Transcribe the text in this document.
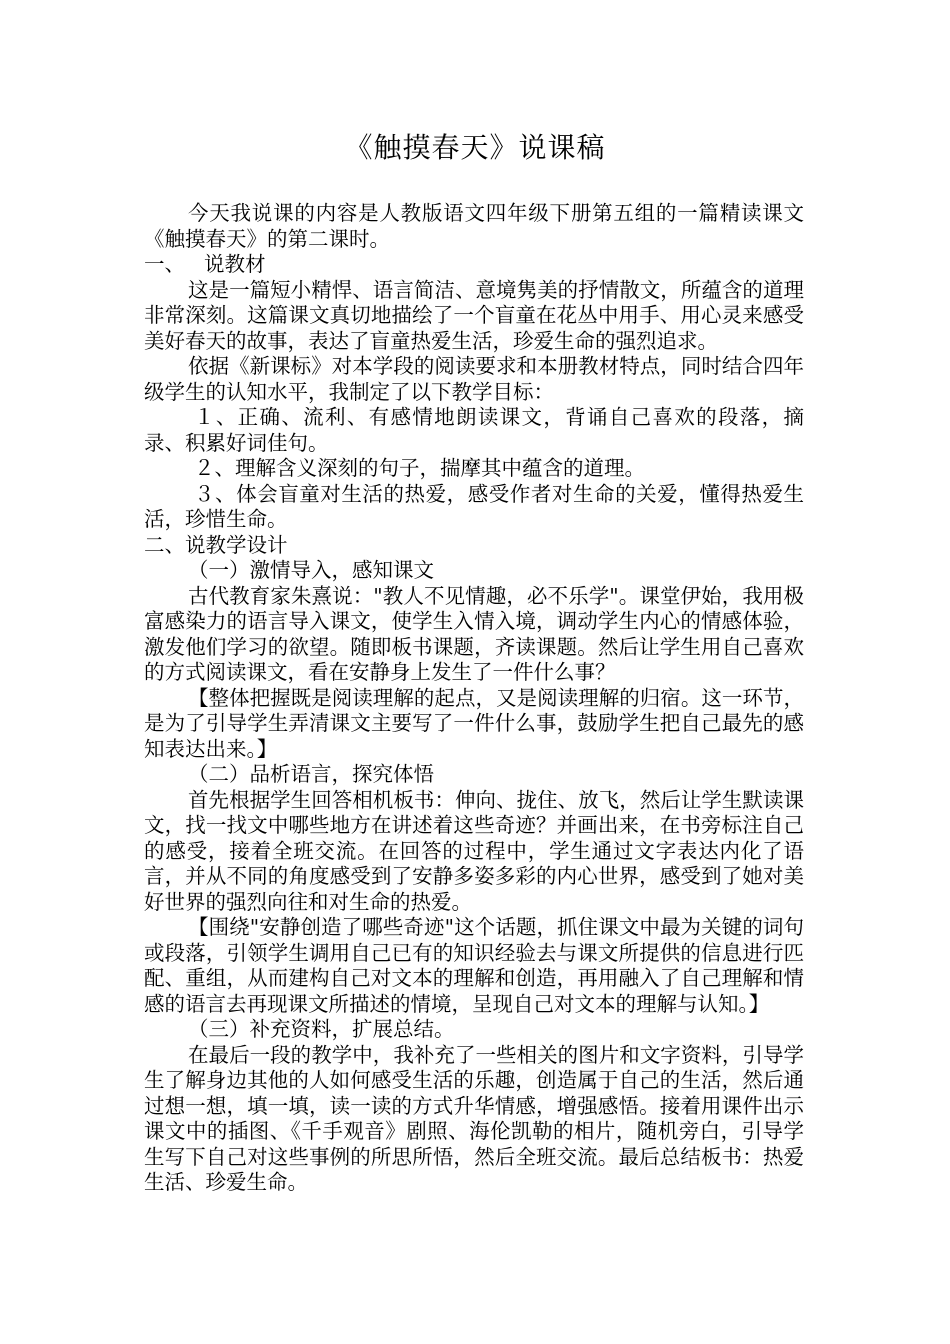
《触摸春天》说课稿

今天我说课的内容是人教版语文四年级下册第五组的一篇精读课文《触摸春天》的第二课时。

一、 说教材

这是一篇短小精悍、语言简洁、意境隽美的抒情散文，所蕴含的道理非常深刻。这篇课文真切地描绘了一个盲童在花丛中用手、用心灵来感受美好春天的故事，表达了盲童热爱生活，珍爱生命的强烈追求。

依据《新课标》对本学段的阅读要求和本册教材特点，同时结合四年级学生的认知水平，我制定了以下教学目标：

１、正确、流利、有感情地朗读课文，背诵自己喜欢的段落，摘录、积累好词佳句。

２、理解含义深刻的句子，揣摩其中蕴含的道理。

３、体会盲童对生活的热爱，感受作者对生命的关爱，懂得热爱生活，珍惜生命。

二、说教学设计

（一）激情导入，感知课文

古代教育家朱熹说："教人不见情趣，必不乐学"。课堂伊始，我用极富感染力的语言导入课文，使学生入情入境，调动学生内心的情感体验，激发他们学习的欲望。随即板书课题，齐读课题。然后让学生用自己喜欢的方式阅读课文，看在安静身上发生了一件什么事？

【整体把握既是阅读理解的起点，又是阅读理解的归宿。这一环节，是为了引导学生弄清课文主要写了一件什么事，鼓励学生把自己最先的感知表达出来。】

（二）品析语言，探究体悟

首先根据学生回答相机板书：伸向、拢住、放飞，然后让学生默读课文，找一找文中哪些地方在讲述着这些奇迹？并画出来，在书旁标注自己的感受，接着全班交流。在回答的过程中，学生通过文字表达内化了语言，并从不同的角度感受到了安静多姿多彩的内心世界，感受到了她对美好世界的强烈向往和对生命的热爱。

【围绕"安静创造了哪些奇迹"这个话题，抓住课文中最为关键的词句或段落，引领学生调用自己已有的知识经验去与课文所提供的信息进行匹配、重组，从而建构自己对文本的理解和创造，再用融入了自己理解和情感的语言去再现课文所描述的情境，呈现自己对文本的理解与认知。】

（三）补充资料，扩展总结。

在最后一段的教学中，我补充了一些相关的图片和文字资料，引导学生了解身边其他的人如何感受生活的乐趣，创造属于自己的生活，然后通过想一想，填一填，读一读的方式升华情感，增强感悟。接着用课件出示课文中的插图、《千手观音》剧照、海伦凯勒的相片，随机旁白，引导学生写下自己对这些事例的所思所悟，然后全班交流。最后总结板书：热爱生活、珍爱生命。
